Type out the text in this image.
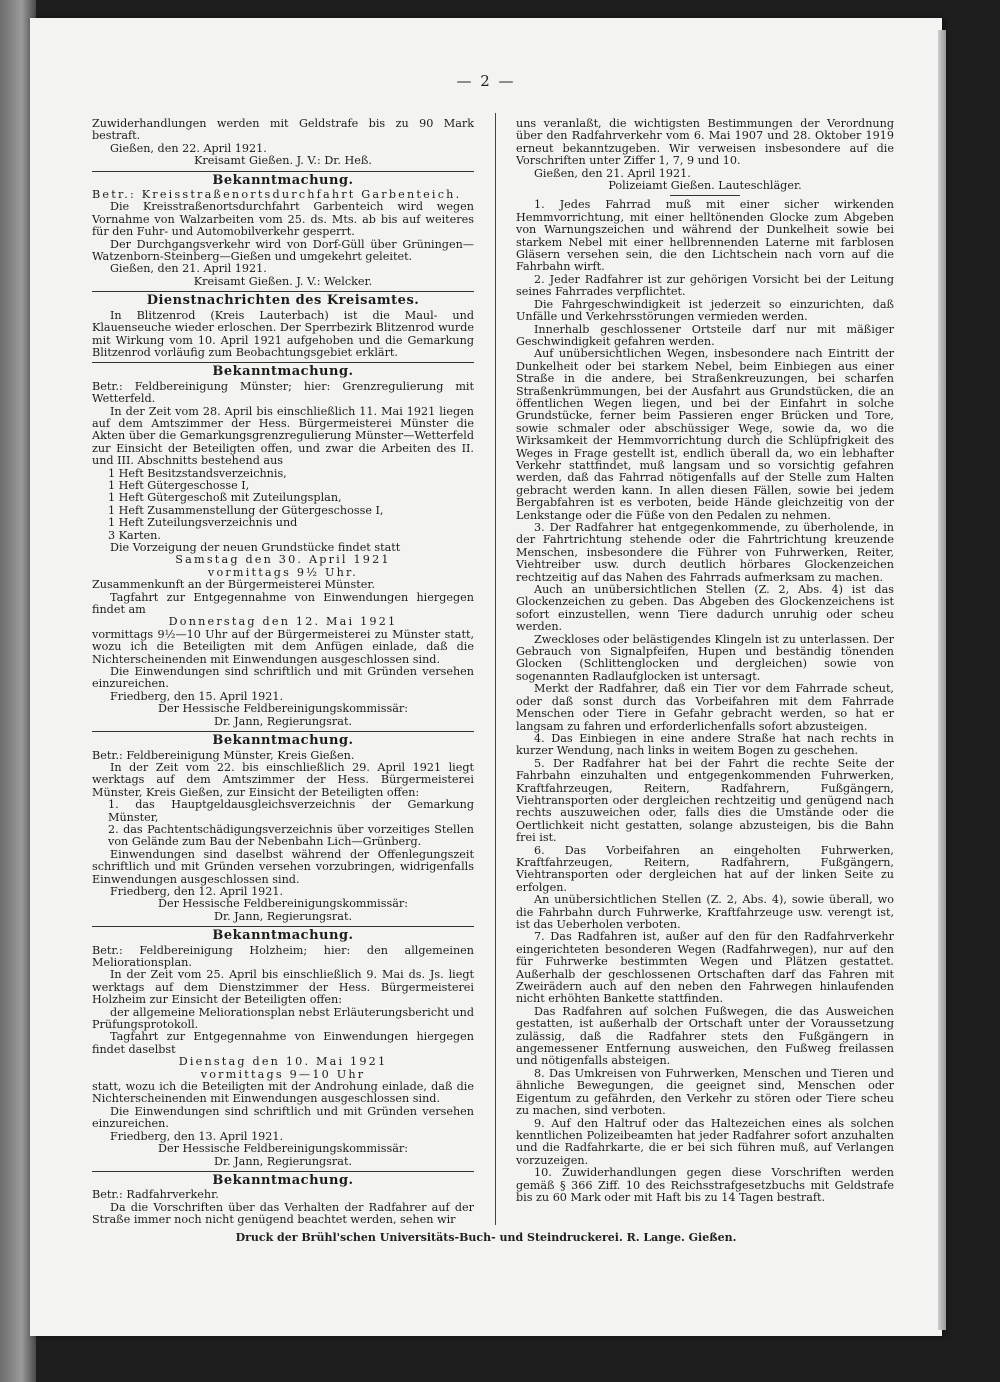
— 2 —

Zuwiderhandlungen werden mit Geldstrafe bis zu 90 Mark bestraft.

Gießen, den 22. April 1921.

Kreisamt Gießen. J. V.: Dr. Heß.

Bekanntmachung.

Betr.: Kreisstraßenortsdurchfahrt Garbenteich.

Die Kreisstraßenortsdurchfahrt Garbenteich wird wegen Vornahme von Walzarbeiten vom 25. ds. Mts. ab bis auf weiteres für den Fuhr- und Automobilverkehr gesperrt.

Der Durchgangsverkehr wird von Dorf-Güll über Grüningen—Watzenborn-Steinberg—Gießen und umgekehrt geleitet.

Gießen, den 21. April 1921.

Kreisamt Gießen. J. V.: Welcker.

Dienstnachrichten des Kreisamtes.

In Blitzenrod (Kreis Lauterbach) ist die Maul- und Klauenseuche wieder erloschen. Der Sperrbezirk Blitzenrod wurde mit Wirkung vom 10. April 1921 aufgehoben und die Gemarkung Blitzenrod vorläufig zum Beobachtungsgebiet erklärt.

Bekanntmachung.

Betr.: Feldbereinigung Münster; hier: Grenzregulierung mit Wetterfeld.

In der Zeit vom 28. April bis einschließlich 11. Mai 1921 liegen auf dem Amtszimmer der Hess. Bürgermeisterei Münster die Akten über die Gemarkungsgrenzregulierung Münster—Wetterfeld zur Einsicht der Beteiligten offen, und zwar die Arbeiten des II. und III. Abschnitts bestehend aus

1 Heft Besitzstandsverzeichnis,

1 Heft Gütergeschosse I,

1 Heft Gütergeschoß mit Zuteilungsplan,

1 Heft Zusammenstellung der Gütergeschosse I,

1 Heft Zuteilungsverzeichnis und

3 Karten.

Die Vorzeigung der neuen Grundstücke findet statt

Samstag den 30. April 1921

vormittags 9½ Uhr.

Zusammenkunft an der Bürgermeisterei Münster.

Tagfahrt zur Entgegennahme von Einwendungen hiergegen findet am

Donnerstag den 12. Mai 1921

vormittags 9½—10 Uhr auf der Bürgermeisterei zu Münster statt, wozu ich die Beteiligten mit dem Anfügen einlade, daß die Nichterscheinenden mit Einwendungen ausgeschlossen sind.

Die Einwendungen sind schriftlich und mit Gründen versehen einzureichen.

Friedberg, den 15. April 1921.

Der Hessische Feldbereinigungskommissär:

Dr. Jann, Regierungsrat.

Bekanntmachung.

Betr.: Feldbereinigung Münster, Kreis Gießen.

In der Zeit vom 22. bis einschließlich 29. April 1921 liegt werktags auf dem Amtszimmer der Hess. Bürgermeisterei Münster, Kreis Gießen, zur Einsicht der Beteiligten offen:

1. das Hauptgeldausgleichsverzeichnis der Gemarkung Münster,

2. das Pachtentschädigungsverzeichnis über vorzeitiges Stellen von Gelände zum Bau der Nebenbahn Lich—Grünberg.

Einwendungen sind daselbst während der Offenlegungszeit schriftlich und mit Gründen versehen vorzubringen, widrigenfalls Einwendungen ausgeschlossen sind.

Friedberg, den 12. April 1921.

Der Hessische Feldbereinigungskommissär:

Dr. Jann, Regierungsrat.

Bekanntmachung.

Betr.: Feldbereinigung Holzheim; hier: den allgemeinen Meliorationsplan.

In der Zeit vom 25. April bis einschließlich 9. Mai ds. Js. liegt werktags auf dem Dienstzimmer der Hess. Bürgermeisterei Holzheim zur Einsicht der Beteiligten offen:

der allgemeine Meliorationsplan nebst Erläuterungsbericht und Prüfungsprotokoll.

Tagfahrt zur Entgegennahme von Einwendungen hiergegen findet daselbst

Dienstag den 10. Mai 1921

vormittags 9—10 Uhr

statt, wozu ich die Beteiligten mit der Androhung einlade, daß die Nichterscheinenden mit Einwendungen ausgeschlossen sind.

Die Einwendungen sind schriftlich und mit Gründen versehen einzureichen.

Friedberg, den 13. April 1921.

Der Hessische Feldbereinigungskommissär:

Dr. Jann, Regierungsrat.

Bekanntmachung.

Betr.: Radfahrverkehr.

Da die Vorschriften über das Verhalten der Radfahrer auf der Straße immer noch nicht genügend beachtet werden, sehen wir

uns veranlaßt, die wichtigsten Bestimmungen der Verordnung über den Radfahrverkehr vom 6. Mai 1907 und 28. Oktober 1919 erneut bekanntzugeben. Wir verweisen insbesondere auf die Vorschriften unter Ziffer 1, 7, 9 und 10.

Gießen, den 21. April 1921.

Polizeiamt Gießen. Lauteschläger.

1. Jedes Fahrrad muß mit einer sicher wirkenden Hemmvorrichtung, mit einer helltönenden Glocke zum Abgeben von Warnungszeichen und während der Dunkelheit sowie bei starkem Nebel mit einer hellbrennenden Laterne mit farblosen Gläsern versehen sein, die den Lichtschein nach vorn auf die Fahrbahn wirft.

2. Jeder Radfahrer ist zur gehörigen Vorsicht bei der Leitung seines Fahrrades verpflichtet.

Die Fahrgeschwindigkeit ist jederzeit so einzurichten, daß Unfälle und Verkehrsstörungen vermieden werden.

Innerhalb geschlossener Ortsteile darf nur mit mäßiger Geschwindigkeit gefahren werden.

Auf unübersichtlichen Wegen, insbesondere nach Eintritt der Dunkelheit oder bei starkem Nebel, beim Einbiegen aus einer Straße in die andere, bei Straßenkreuzungen, bei scharfen Straßenkrümmungen, bei der Ausfahrt aus Grundstücken, die an öffentlichen Wegen liegen, und bei der Einfahrt in solche Grundstücke, ferner beim Passieren enger Brücken und Tore, sowie schmaler oder abschüssiger Wege, sowie da, wo die Wirksamkeit der Hemmvorrichtung durch die Schlüpfrigkeit des Weges in Frage gestellt ist, endlich überall da, wo ein lebhafter Verkehr stattfindet, muß langsam und so vorsichtig gefahren werden, daß das Fahrrad nötigenfalls auf der Stelle zum Halten gebracht werden kann. In allen diesen Fällen, sowie bei jedem Bergabfahren ist es verboten, beide Hände gleichzeitig von der Lenkstange oder die Füße von den Pedalen zu nehmen.

3. Der Radfahrer hat entgegenkommende, zu überholende, in der Fahrtrichtung stehende oder die Fahrtrichtung kreuzende Menschen, insbesondere die Führer von Fuhrwerken, Reiter, Viehtreiber usw. durch deutlich hörbares Glockenzeichen rechtzeitig auf das Nahen des Fahrrads aufmerksam zu machen.

Auch an unübersichtlichen Stellen (Z. 2, Abs. 4) ist das Glockenzeichen zu geben. Das Abgeben des Glockenzeichens ist sofort einzustellen, wenn Tiere dadurch unruhig oder scheu werden.

Zweckloses oder belästigendes Klingeln ist zu unterlassen. Der Gebrauch von Signalpfeifen, Hupen und beständig tönenden Glocken (Schlittenglocken und dergleichen) sowie von sogenannten Radlaufglocken ist untersagt.

Merkt der Radfahrer, daß ein Tier vor dem Fahrrade scheut, oder daß sonst durch das Vorbeifahren mit dem Fahrrade Menschen oder Tiere in Gefahr gebracht werden, so hat er langsam zu fahren und erforderlichenfalls sofort abzusteigen.

4. Das Einbiegen in eine andere Straße hat nach rechts in kurzer Wendung, nach links in weitem Bogen zu geschehen.

5. Der Radfahrer hat bei der Fahrt die rechte Seite der Fahrbahn einzuhalten und entgegenkommenden Fuhrwerken, Kraftfahrzeugen, Reitern, Radfahrern, Fußgängern, Viehtransporten oder dergleichen rechtzeitig und genügend nach rechts auszuweichen oder, falls dies die Umstände oder die Oertlichkeit nicht gestatten, solange abzusteigen, bis die Bahn frei ist.

6. Das Vorbeifahren an eingeholten Fuhrwerken, Kraftfahrzeugen, Reitern, Radfahrern, Fußgängern, Viehtransporten oder dergleichen hat auf der linken Seite zu erfolgen.

An unübersichtlichen Stellen (Z. 2, Abs. 4), sowie überall, wo die Fahrbahn durch Fuhrwerke, Kraftfahrzeuge usw. verengt ist, ist das Ueberholen verboten.

7. Das Radfahren ist, außer auf den für den Radfahrverkehr eingerichteten besonderen Wegen (Radfahrwegen), nur auf den für Fuhrwerke bestimmten Wegen und Plätzen gestattet. Außerhalb der geschlossenen Ortschaften darf das Fahren mit Zweirädern auch auf den neben den Fahrwegen hinlaufenden nicht erhöhten Bankette stattfinden.

Das Radfahren auf solchen Fußwegen, die das Ausweichen gestatten, ist außerhalb der Ortschaft unter der Voraussetzung zulässig, daß die Radfahrer stets den Fußgängern in angemessener Entfernung ausweichen, den Fußweg freilassen und nötigenfalls absteigen.

8. Das Umkreisen von Fuhrwerken, Menschen und Tieren und ähnliche Bewegungen, die geeignet sind, Menschen oder Eigentum zu gefährden, den Verkehr zu stören oder Tiere scheu zu machen, sind verboten.

9. Auf den Haltruf oder das Haltezeichen eines als solchen kenntlichen Polizeibeamten hat jeder Radfahrer sofort anzuhalten und die Radfahrkarte, die er bei sich führen muß, auf Verlangen vorzuzeigen.

10. Zuwiderhandlungen gegen diese Vorschriften werden gemäß § 366 Ziff. 10 des Reichsstrafgesetzbuchs mit Geldstrafe bis zu 60 Mark oder mit Haft bis zu 14 Tagen bestraft.

Druck der Brühl'schen Universitäts-Buch- und Steindruckerei. R. Lange. Gießen.
